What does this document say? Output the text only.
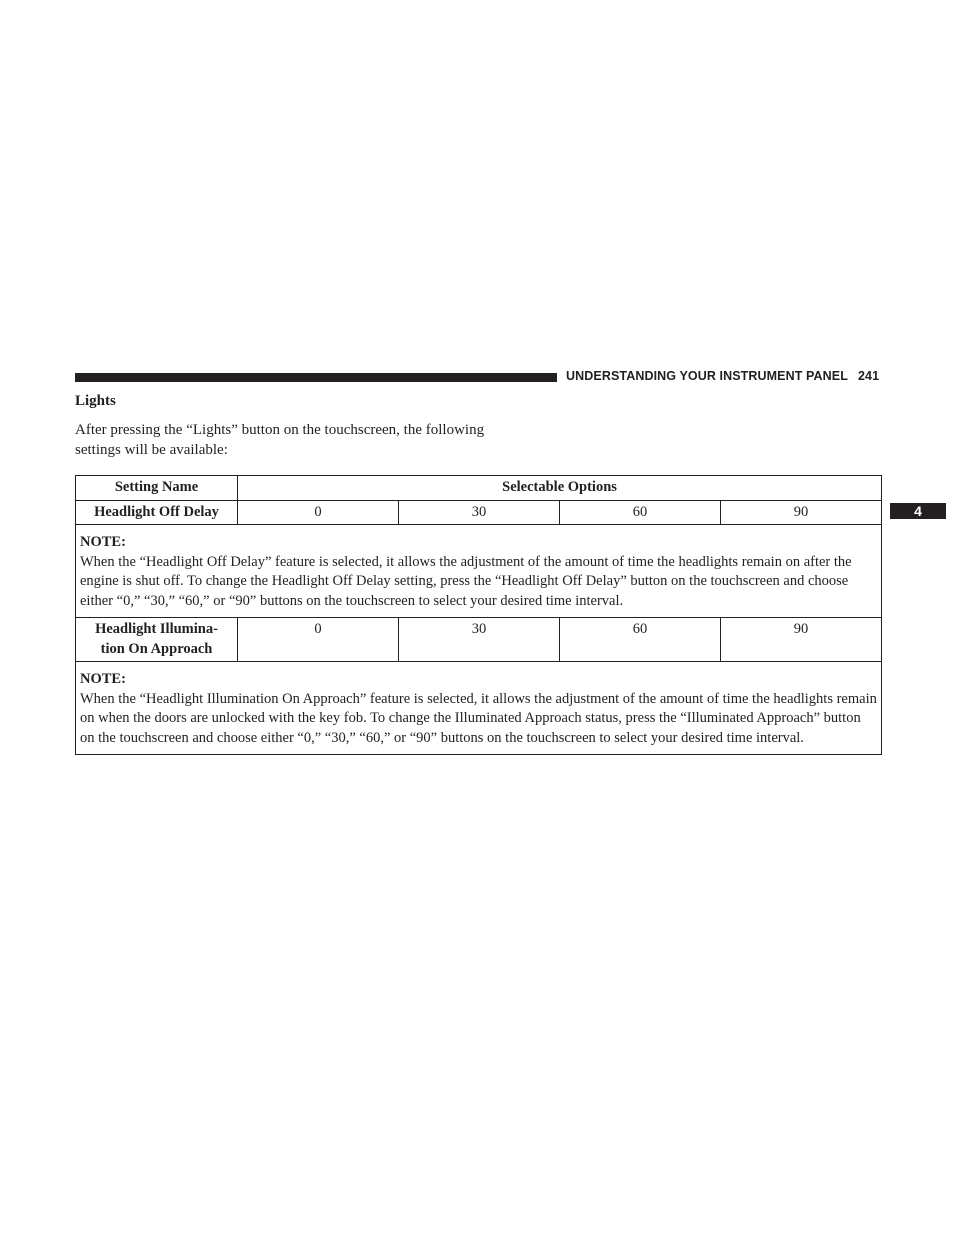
UNDERSTANDING YOUR INSTRUMENT PANEL 241
4
Lights
After pressing the “Lights” button on the touchscreen, the following settings will be available:
Setting Name	Selectable Options			
Headlight Off Delay	0	30	60	90

NOTE:
When the “Headlight Off Delay” feature is selected, it allows the adjustment of the amount of time the headlights remain on after the engine is shut off. To change the Headlight Off Delay setting, press the “Headlight Off Delay” button on the touchscreen and choose either “0,” “30,” “60,” or “90” buttons on the touchscreen to select your desired time interval.				
Headlight Illumina- tion On Approach	0	30	60	90

NOTE:
When the “Headlight Illumination On Approach” feature is selected, it allows the adjustment of the amount of time the headlights remain on when the doors are unlocked with the key fob. To change the Illuminated Approach status, press the “Illuminated Approach” button on the touchscreen and choose either “0,” “30,” “60,” or “90” buttons on the touchscreen to select your desired time interval.				
